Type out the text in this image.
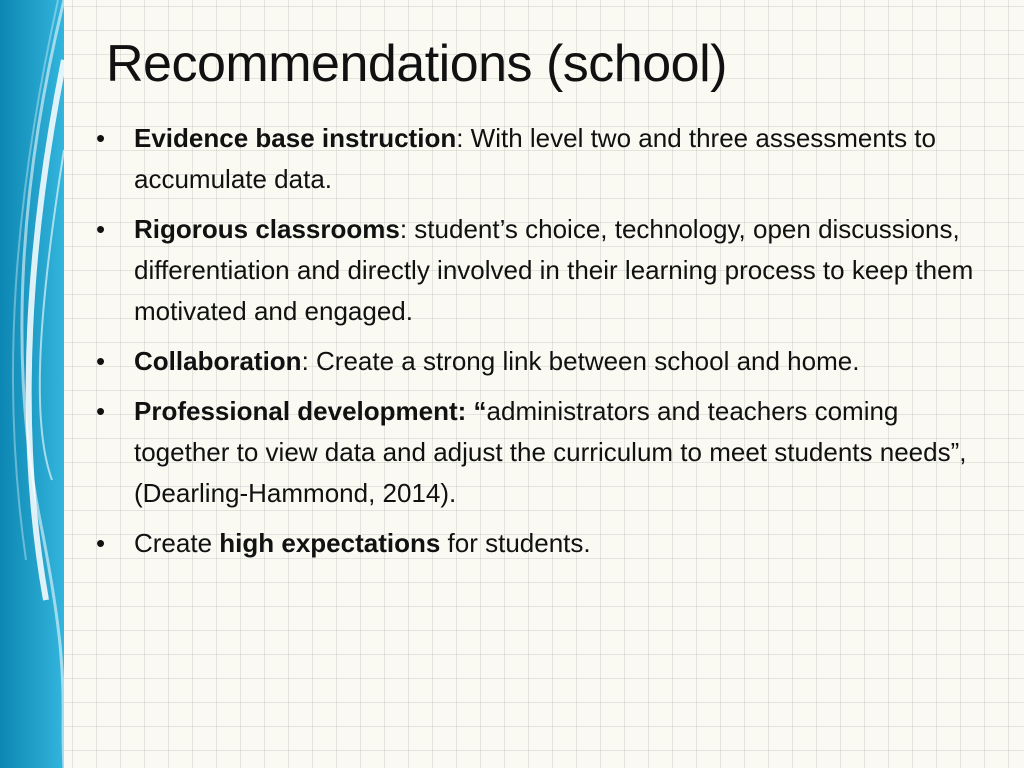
Recommendations (school)
•	Evidence base instruction: With level two and three assessments to accumulate data.
•	Rigorous classrooms: student’s choice, technology, open discussions, differentiation and directly involved in their learning process to keep them motivated and engaged.
•	Collaboration: Create a strong link between school and home.
•	Professional development: “administrators and teachers coming together to view data and adjust the curriculum to meet students needs”, (Dearling-Hammond, 2014).
•	Create high expectations for students.
